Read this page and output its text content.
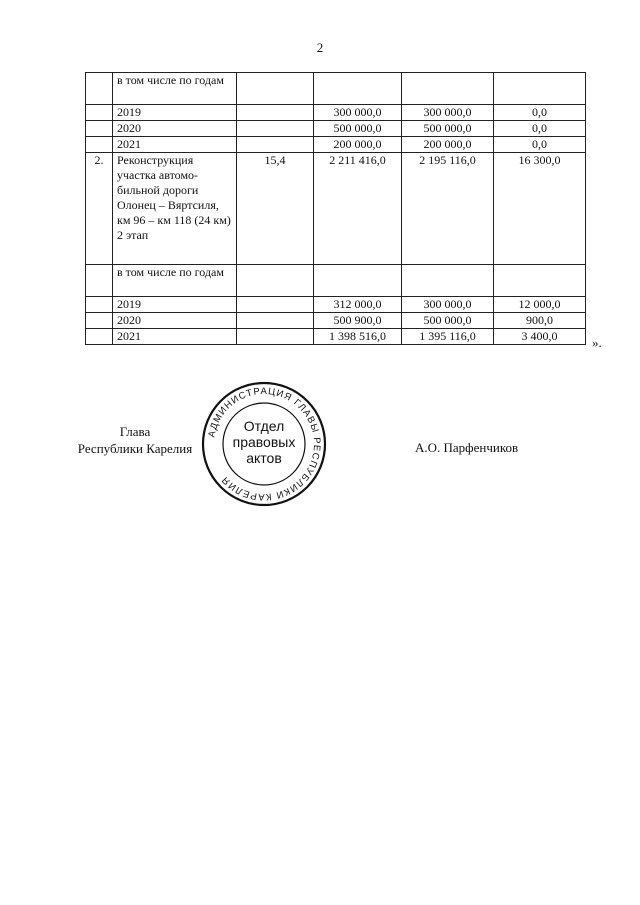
2
	в том числе по годам				
	2019		300 000,0	300 000,0	0,0
	2020		500 000,0	500 000,0	0,0
	2021		200 000,0	200 000,0	0,0
2.	Реконструкция участка автомо-бильной дороги Олонец – Вяртсиля, км 96 – км 118 (24 км) 2 этап	15,4	2 211 416,0	2 195 116,0	16 300,0
	в том числе по годам				
	2019		312 000,0	300 000,0	12 000,0
	2020		500 900,0	500 000,0	900,0
	2021		1 398 516,0	1 395 116,0	3 400,0	».
Глава
Республики Карелия	А.О. Парфенчиков
АДМИНИСТРАЦИЯ ГЛАВЫ РЕСПУБЛИКИ КАРЕЛИЯ
Отдел
правовых
актов
